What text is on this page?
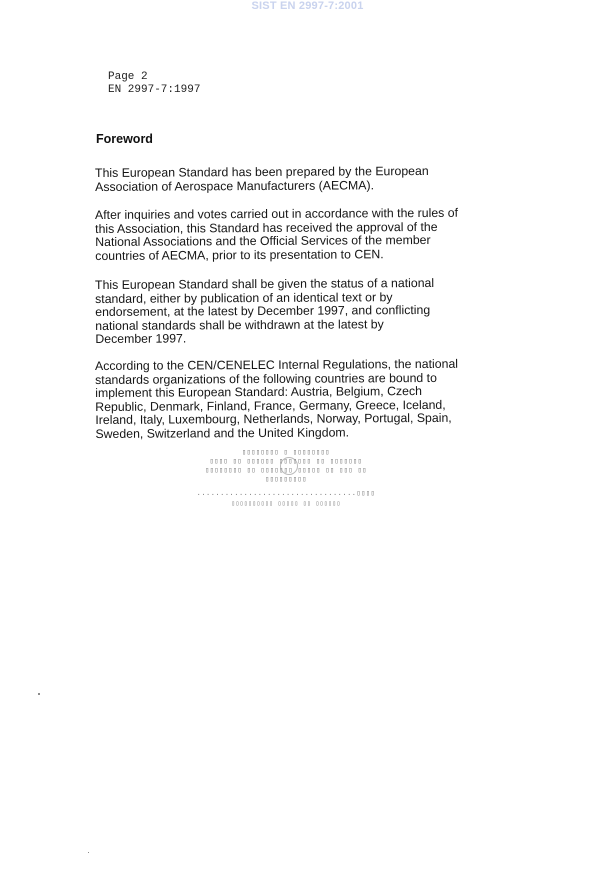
SIST EN 2997-7:2001
Page 2
EN 2997-7:1997
Foreword

This European Standard has been prepared by the European
Association of Aerospace Manufacturers (AECMA).

After inquiries and votes carried out in accordance with the rules of
this Association, this Standard has received the approval of the
National Associations and the Official Services of the member
countries of AECMA, prior to its presentation to CEN.

This European Standard shall be given the status of a national
standard, either by publication of an identical text or by
endorsement, at the latest by December 1997, and conflicting
national standards shall be withdrawn at the latest by
December 1997.

According to the CEN/CENELEC Internal Regulations, the national
standards organizations of the following countries are bound to
implement this European Standard: Austria, Belgium, Czech
Republic, Denmark, Finland, France, Germany, Greece, Iceland,
Ireland, Italy, Luxembourg, Netherlands, Norway, Portugal, Spain,
Sweden, Switzerland and the United Kingdom.

▯▯▯▯▯▯▯▯ ▯ ▯▯▯▯▯▯▯▯
▯▯▯▯ ▯▯ ▯▯▯▯▯▯ ▯▯▯▯▯▯▯ ▯▯ ▯▯▯▯▯▯▯
▯▯▯▯▯▯▯▯ ▯▯ ▯▯▯▯▯▯▯ ▯▯▯▯▯ ▯▯ ▯▯▯ ▯▯
▯▯▯▯▯▯▯▯▯
..................................▯▯▯▯
▯▯▯▯▯▯▯▯▯▯ ▯▯▯▯▯ ▯▯ ▯▯▯▯▯▯
